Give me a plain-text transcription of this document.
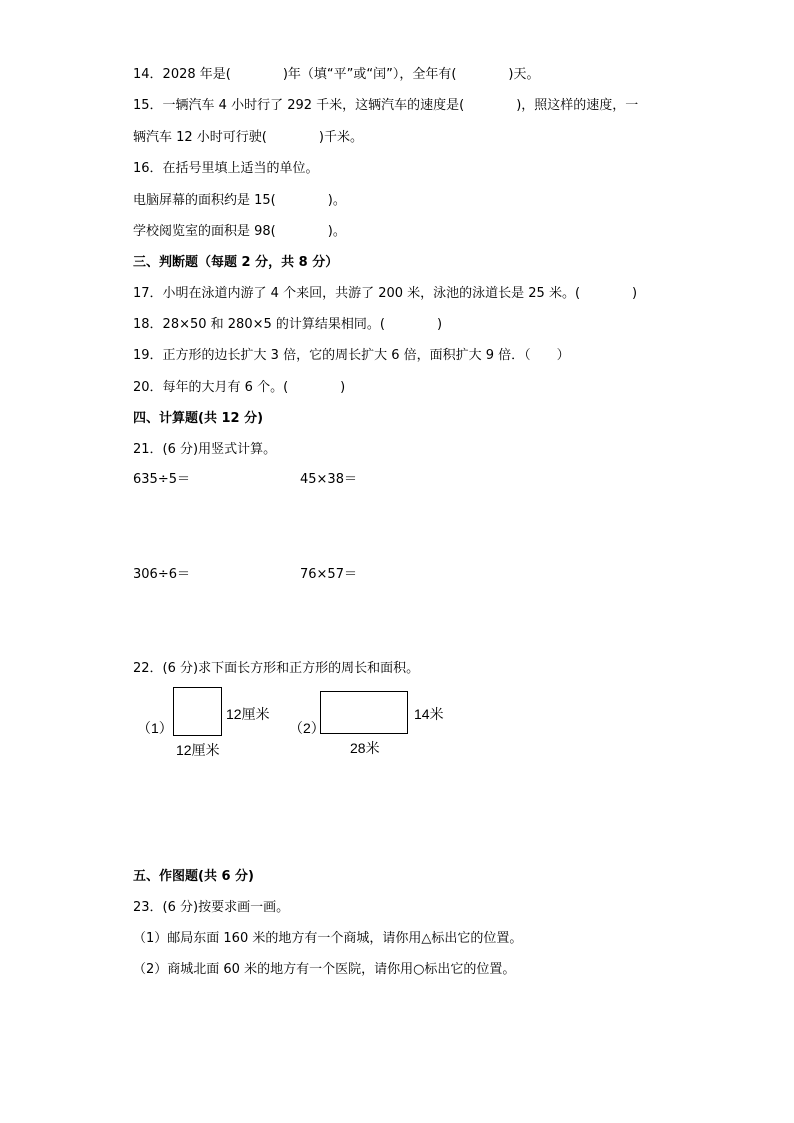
14．2028 年是(　　　　)年（填“平”或“闰”），全年有(　　　　)天。
15．一辆汽车 4 小时行了 292 千米，这辆汽车的速度是(　　　　)，照这样的速度，一
辆汽车 12 小时可行驶(　　　　)千米。
16．在括号里填上适当的单位。
电脑屏幕的面积约是 15(　　　　)。
学校阅览室的面积是 98(　　　　)。
三、判断题（每题 2 分，共 8 分）
17．小明在泳道内游了 4 个来回，共游了 200 米，泳池的泳道长是 25 米。(　　　　)
18．28×50 和 280×5 的计算结果相同。(　　　　)
19．正方形的边长扩大 3 倍，它的周长扩大 6 倍，面积扩大 9 倍．（　　）
20．每年的大月有 6 个。(　　　　)
四、计算题(共 12 分)
21．(6 分)用竖式计算。
635÷5＝	45×38＝
306÷6＝	76×57＝
22．(6 分)求下面长方形和正方形的周长和面积。
（1）
12厘米
12厘米
（2）
14米
28米
五、作图题(共 6 分)
23．(6 分)按要求画一画。
（1）邮局东面 160 米的地方有一个商城，请你用△标出它的位置。
（2）商城北面 60 米的地方有一个医院，请你用○标出它的位置。
